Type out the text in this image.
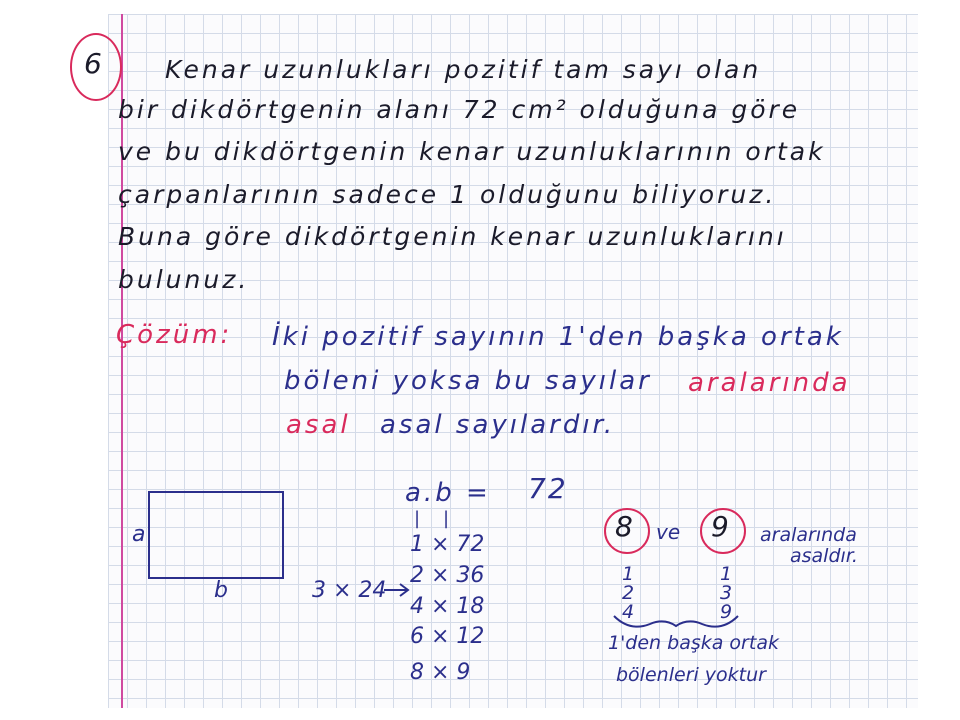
6	Kenar uzunlukları pozitif tam sayı olan
bir dikdörtgenin alanı 72 cm² olduğuna göre
ve bu dikdörtgenin kenar uzunluklarının ortak
çarpanlarının sadece 1 olduğunu biliyoruz.
Buna göre dikdörtgenin kenar uzunluklarını
bulunuz.
Çözüm: İki pozitif sayının 1'den başka ortak
böleni yoksa bu sayılar aralarında
asal asal sayılardır.
a
b
a.b = 72
|    |
1 × 72
2 × 36
4 × 18
6 × 12
8 × 9
3 × 24
8 ve 9 aralarında
asaldır.
1
2
4
1
3
9
1'den başka ortak
bölenleri yoktur
